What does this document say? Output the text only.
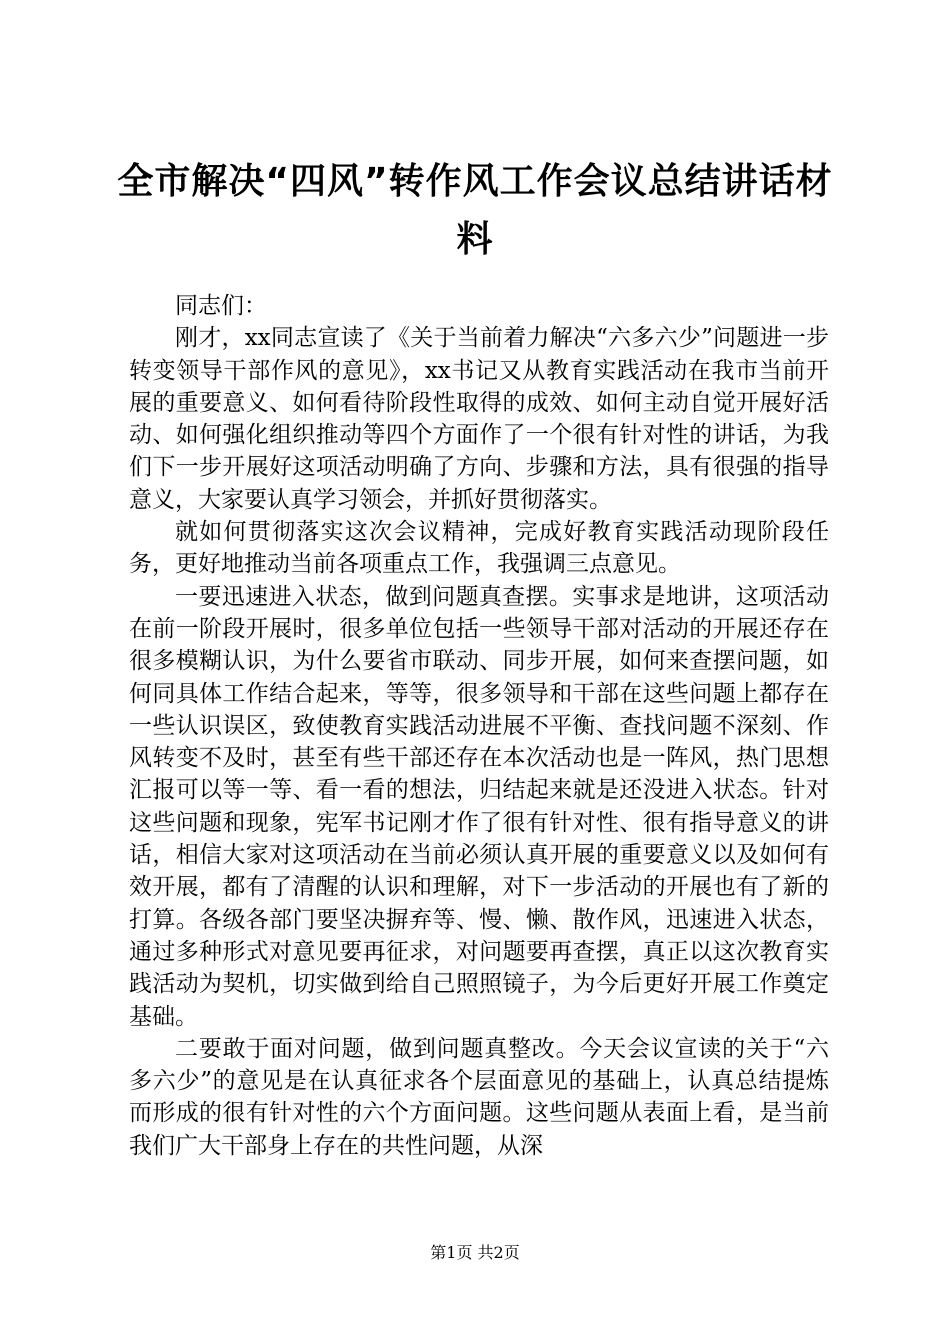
全市解决“四风”转作风工作会议总结讲话材料

同志们：

刚才，xx同志宣读了《关于当前着力解决“六多六少”问题进一步转变领导干部作风的意见》，xx书记又从教育实践活动在我市当前开展的重要意义、如何看待阶段性取得的成效、如何主动自觉开展好活动、如何强化组织推动等四个方面作了一个很有针对性的讲话，为我们下一步开展好这项活动明确了方向、步骤和方法，具有很强的指导意义，大家要认真学习领会，并抓好贯彻落实。

就如何贯彻落实这次会议精神，完成好教育实践活动现阶段任务，更好地推动当前各项重点工作，我强调三点意见。

一要迅速进入状态，做到问题真查摆。实事求是地讲，这项活动在前一阶段开展时，很多单位包括一些领导干部对活动的开展还存在很多模糊认识，为什么要省市联动、同步开展，如何来查摆问题，如何同具体工作结合起来，等等，很多领导和干部在这些问题上都存在一些认识误区，致使教育实践活动进展不平衡、查找问题不深刻、作风转变不及时，甚至有些干部还存在本次活动也是一阵风，热门思想汇报可以等一等、看一看的想法，归结起来就是还没进入状态。针对这些问题和现象，宪军书记刚才作了很有针对性、很有指导意义的讲话，相信大家对这项活动在当前必须认真开展的重要意义以及如何有效开展，都有了清醒的认识和理解，对下一步活动的开展也有了新的打算。各级各部门要坚决摒弃等、慢、懒、散作风，迅速进入状态，通过多种形式对意见要再征求，对问题要再查摆，真正以这次教育实践活动为契机，切实做到给自己照照镜子，为今后更好开展工作奠定基础。

二要敢于面对问题，做到问题真整改。今天会议宣读的关于“六多六少”的意见是在认真征求各个层面意见的基础上，认真总结提炼而形成的很有针对性的六个方面问题。这些问题从表面上看，是当前我们广大干部身上存在的共性问题，从深

第1页 共2页
